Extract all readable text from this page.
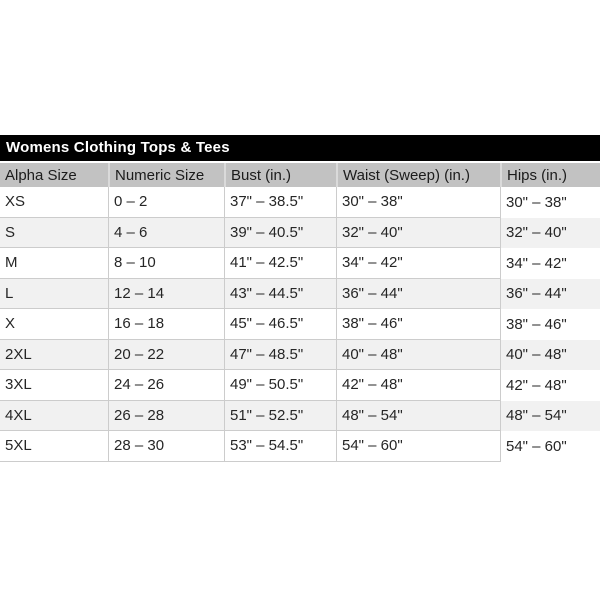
Womens Clothing Tops & Tees
Alpha Size	Numeric Size	Bust (in.)	Waist (Sweep) (in.)	Hips (in.)
XS	0 – 2	37" – 38.5"	30" – 38"	30" – 38"
S	4 – 6	39" – 40.5"	32" – 40"	32" – 40"
M	8 – 10	41" – 42.5"	34" – 42"	34" – 42"
L	12 – 14	43" – 44.5"	36" – 44"	36" – 44"
X	16 – 18	45" – 46.5"	38" – 46"	38" – 46"
2XL	20 – 22	47" – 48.5"	40" – 48"	40" – 48"
3XL	24 – 26	49" – 50.5"	42" – 48"	42" – 48"
4XL	26 – 28	51" – 52.5"	48" – 54"	48" – 54"
5XL	28 – 30	53" – 54.5"	54" – 60"	54" – 60"
